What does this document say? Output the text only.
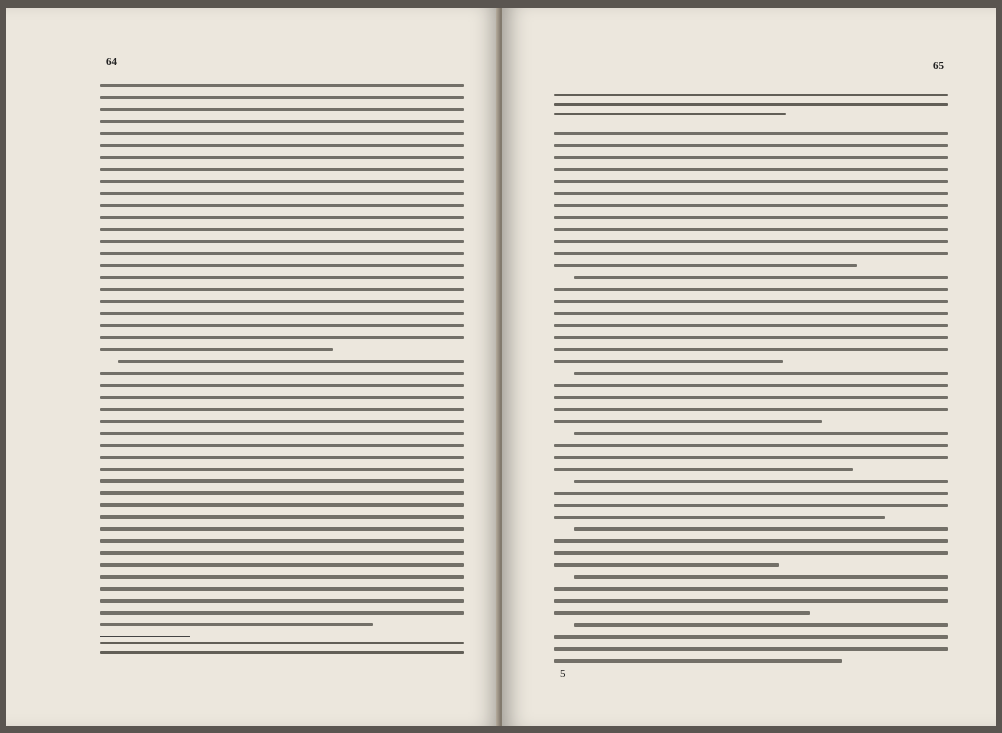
64	65
5
